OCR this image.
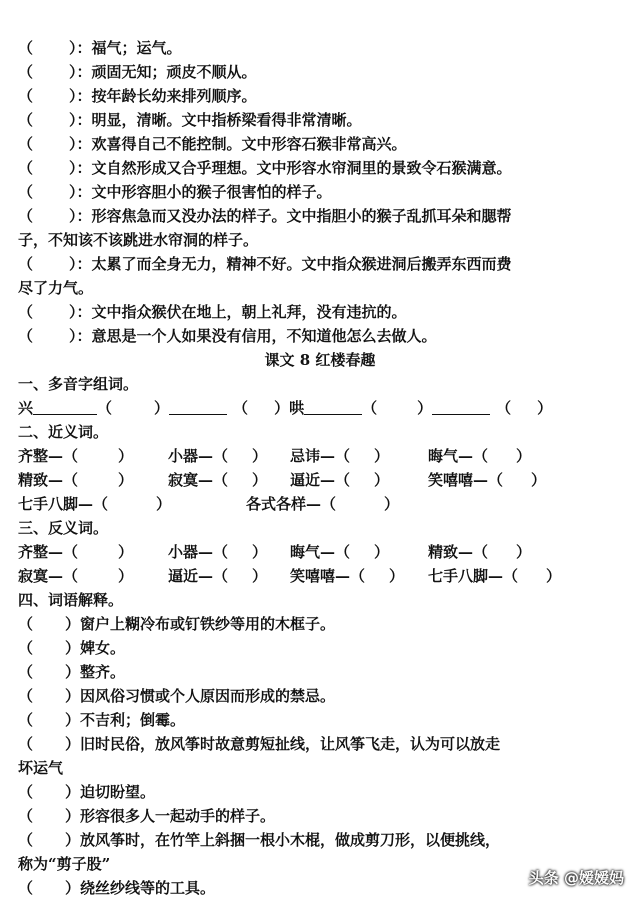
（ ）：福气；运气。
（ ）：顽固无知；顽皮不顺从。
（ ）：按年龄长幼来排列顺序。
（ ）：明显，清晰。文中指桥梁看得非常清晰。
（ ）：欢喜得自己不能控制。文中形容石猴非常高兴。
（ ）：文自然形成又合乎理想。文中形容水帘洞里的景致令石猴满意。
（ ）：文中形容胆小的猴子很害怕的样子。
（ ）：形容焦急而又没办法的样子。文中指胆小的猴子乱抓耳朵和腮帮
子，不知该不该跳进水帘洞的样子。
（ ）：太累了而全身无力，精神不好。文中指众猴进洞后搬弄东西而费
尽了力气。
（ ）：文中指众猴伏在地上，朝上礼拜，没有违抗的。
（ ）：意思是一个人如果没有信用，不知道他怎么去做人。
课文 8 红楼春趣
一、多音字组词。
兴	（	）	（ ）哄	（	）	（ ）
二、近义词。
齐整—（	） 小器—（ ） 忌讳—（ ）	晦气—（ ）
精致—（	） 寂寞—（ ） 逼近—（ ）	笑嘻嘻—（ ）
七手八脚—（	）	各式各样—（	）
三、反义词。
齐整—（	） 小器—（ ） 晦气—（ ）	精致—（ ）
寂寞—（	） 逼近—（ ） 笑嘻嘻—（ ） 七手八脚—（ ）
四、词语解释。
（ ）窗户上糊冷布或钉铁纱等用的木框子。
（ ）婢女。
（ ）整齐。
（ ）因风俗习惯或个人原因而形成的禁忌。
（ ）不吉利；倒霉。
（ ）旧时民俗，放风筝时故意剪短扯线，让风筝飞走，认为可以放走
坏运气
（ ）迫切盼望。
（ ）形容很多人一起动手的样子。
（ ）放风筝时，在竹竿上斜捆一根小木棍，做成剪刀形，以便挑线，
称为“剪子股”
（ ）绕丝纱线等的工具。
头条 @嫒嫒妈
